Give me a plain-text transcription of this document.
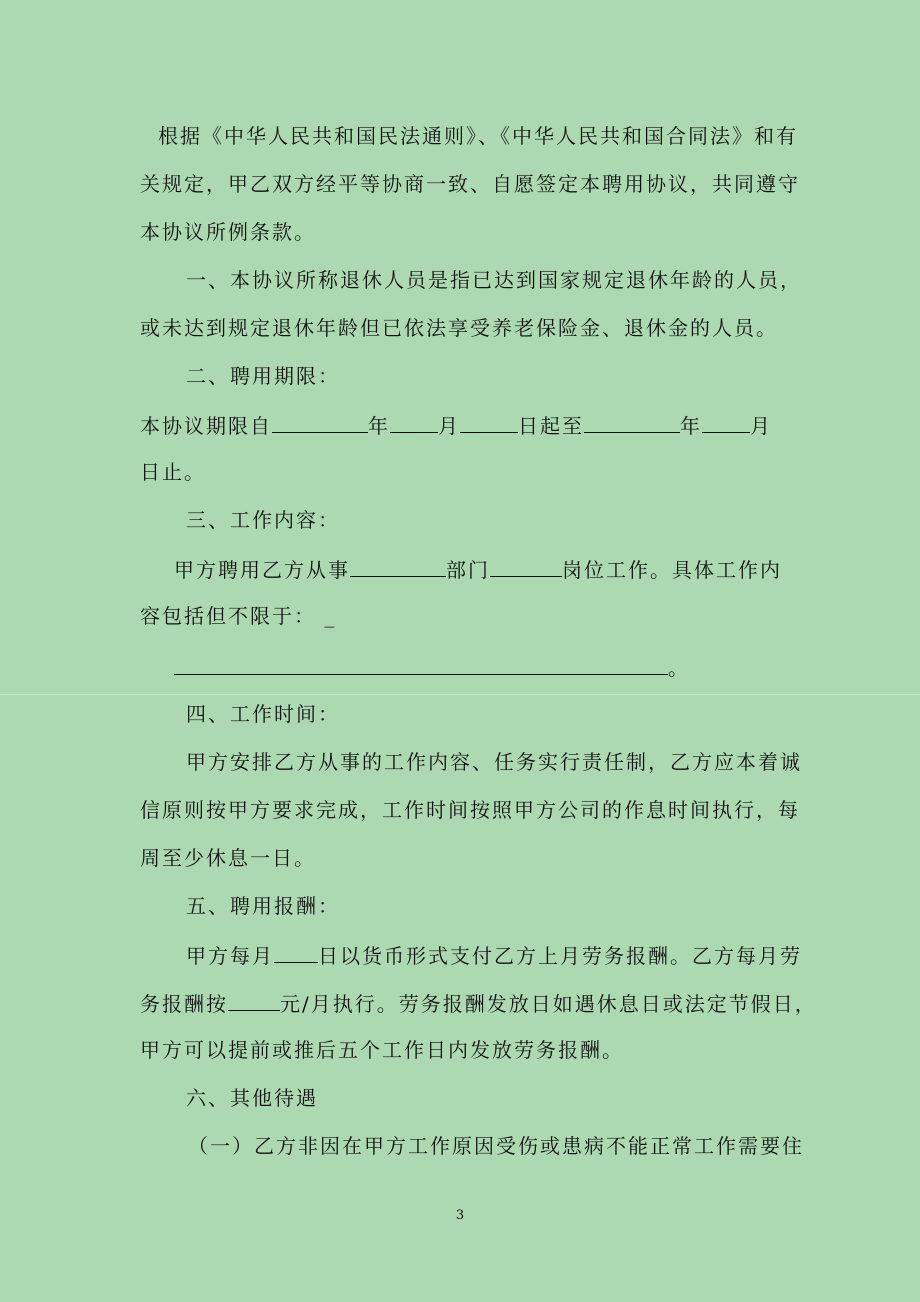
根据《中华人民共和国民法通则》、《中华人民共和国合同法》和有
关规定，甲乙双方经平等协商一致、自愿签定本聘用协议，共同遵守
本协议所例条款。
一、本协议所称退休人员是指已达到国家规定退休年龄的人员，
或未达到规定退休年龄但已依法享受养老保险金、退休金的人员。
二、聘用期限：
本协议期限自	年 月	日起至	年 月
日止。
三、工作内容：
甲方聘用乙方从事	部门	岗位工作。具体工作内
容包括但不限于： _
。
四、工作时间：
甲方安排乙方从事的工作内容、任务实行责任制，乙方应本着诚
信原则按甲方要求完成，工作时间按照甲方公司的作息时间执行，每
周至少休息一日。
五、聘用报酬：
甲方每月 日以货币形式支付乙方上月劳务报酬。乙方每月劳
务报酬按	元/月执行。劳务报酬发放日如遇休息日或法定节假日，
甲方可以提前或推后五个工作日内发放劳务报酬。
六、其他待遇
（一）乙方非因在甲方工作原因受伤或患病不能正常工作需要住
3
